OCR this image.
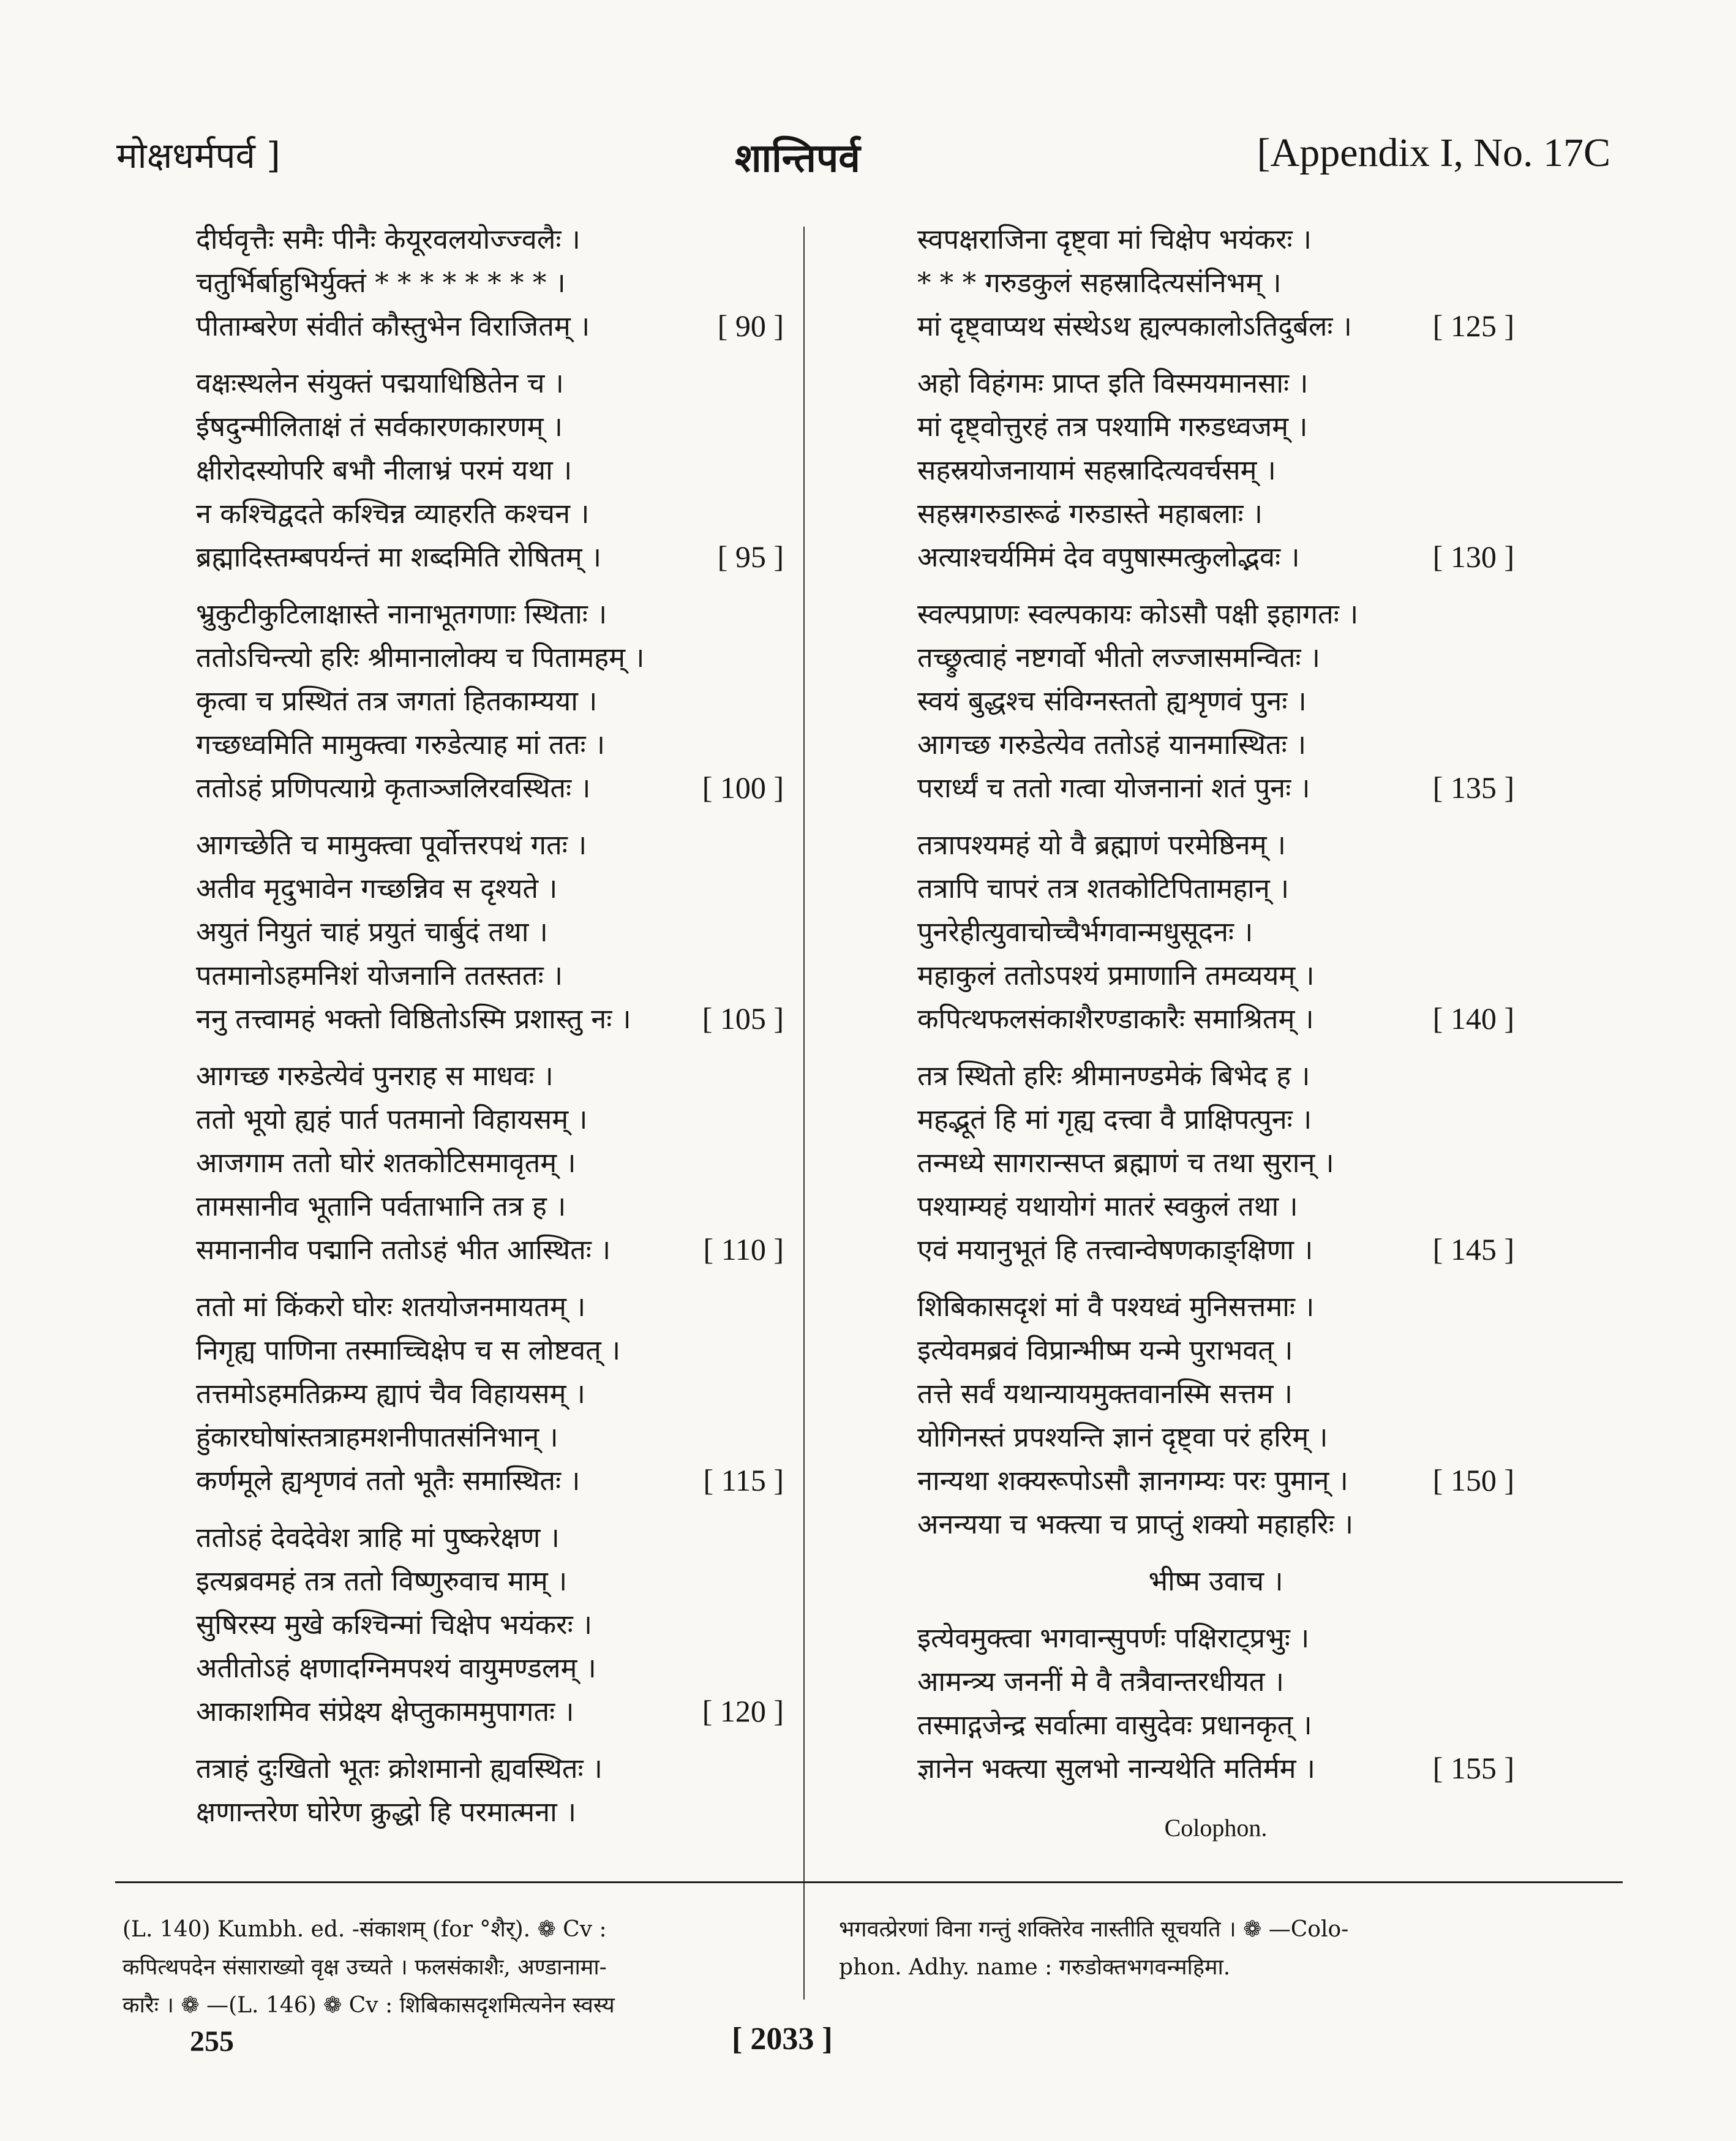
मोक्षधर्मपर्व ]	शान्तिपर्व	[Appendix I, No. 17C
दीर्घवृत्तैः समैः पीनैः केयूरवलयोज्ज्वलैः ।
चतुर्भिर्बाहुभिर्युक्तं * * * * * * * * ।
पीताम्बरेण संवीतं कौस्तुभेन विराजितम् ।	[ 90 ]
वक्षःस्थलेन संयुक्तं पद्मयाधिष्ठितेन च ।
ईषदुन्मीलिताक्षं तं सर्वकारणकारणम् ।
क्षीरोदस्योपरि बभौ नीलाभ्रं परमं यथा ।
न कश्चिद्वदते कश्चिन्न व्याहरति कश्चन ।
ब्रह्मादिस्तम्बपर्यन्तं मा शब्दमिति रोषितम् ।	[ 95 ]
भ्रुकुटीकुटिलाक्षास्ते नानाभूतगणाः स्थिताः ।
ततोऽचिन्त्यो हरिः श्रीमानालोक्य च पितामहम् ।
कृत्वा च प्रस्थितं तत्र जगतां हितकाम्यया ।
गच्छध्वमिति मामुक्त्वा गरुडेत्याह मां ततः ।
ततोऽहं प्रणिपत्याग्रे कृताञ्जलिरवस्थितः ।	[ 100 ]
आगच्छेति च मामुक्त्वा पूर्वोत्तरपथं गतः ।
अतीव मृदुभावेन गच्छन्निव स दृश्यते ।
अयुतं नियुतं चाहं प्रयुतं चार्बुदं तथा ।
पतमानोऽहमनिशं योजनानि ततस्ततः ।
ननु तत्त्वामहं भक्तो विष्ठितोऽस्मि प्रशास्तु नः । [ 105 ]
आगच्छ गरुडेत्येवं पुनराह स माधवः ।
ततो भूयो ह्यहं पार्त पतमानो विहायसम् ।
आजगाम ततो घोरं शतकोटिसमावृतम् ।
तामसानीव भूतानि पर्वताभानि तत्र ह ।
समानानीव पद्मानि ततोऽहं भीत आस्थितः ।	[ 110 ]
ततो मां किंकरो घोरः शतयोजनमायतम् ।
निगृह्य पाणिना तस्माच्चिक्षेप च स लोष्टवत् ।
तत्तमोऽहमतिक्रम्य ह्यापं चैव विहायसम् ।
हुंकारघोषांस्तत्राहमशनीपातसंनिभान् ।
कर्णमूले ह्यशृणवं ततो भूतैः समास्थितः ।	[ 115 ]
ततोऽहं देवदेवेश त्राहि मां पुष्करेक्षण ।
इत्यब्रवमहं तत्र ततो विष्णुरुवाच माम् ।
सुषिरस्य मुखे कश्चिन्मां चिक्षेप भयंकरः ।
अतीतोऽहं क्षणादग्निमपश्यं वायुमण्डलम् ।
आकाशमिव संप्रेक्ष्य क्षेप्तुकाममुपागतः ।	[ 120 ]
तत्राहं दुःखितो भूतः क्रोशमानो ह्यवस्थितः ।
क्षणान्तरेण घोरेण क्रुद्धो हि परमात्मना ।
स्वपक्षराजिना दृष्ट्वा मां चिक्षेप भयंकरः ।
* * * गरुडकुलं सहस्रादित्यसंनिभम् ।
मां दृष्ट्वाप्यथ संस्थेऽथ ह्यल्पकालोऽतिदुर्बलः ।	[ 125 ]
अहो विहंगमः प्राप्त इति विस्मयमानसाः ।
मां दृष्ट्वोत्तुरहं तत्र पश्यामि गरुडध्वजम् ।
सहस्रयोजनायामं सहस्रादित्यवर्चसम् ।
सहस्रगरुडारूढं गरुडास्ते महाबलाः ।
अत्याश्चर्यमिमं देव वपुषास्मत्कुलोद्भवः ।	[ 130 ]
स्वल्पप्राणः स्वल्पकायः कोऽसौ पक्षी इहागतः ।
तच्छ्रुत्वाहं नष्टगर्वो भीतो लज्जासमन्वितः ।
स्वयं बुद्धश्च संविग्नस्ततो ह्यशृणवं पुनः ।
आगच्छ गरुडेत्येव ततोऽहं यानमास्थितः ।
परार्ध्यं च ततो गत्वा योजनानां शतं पुनः ।	[ 135 ]
तत्रापश्यमहं यो वै ब्रह्माणं परमेष्ठिनम् ।
तत्रापि चापरं तत्र शतकोटिपितामहान् ।
पुनरेहीत्युवाचोच्चैर्भगवान्मधुसूदनः ।
महाकुलं ततोऽपश्यं प्रमाणानि तमव्ययम् ।
कपित्थफलसंकाशैरण्डाकारैः समाश्रितम् ।	[ 140 ]
तत्र स्थितो हरिः श्रीमानण्डमेकं बिभेद ह ।
महद्भूतं हि मां गृह्य दत्त्वा वै प्राक्षिपत्पुनः ।
तन्मध्ये सागरान्सप्त ब्रह्माणं च तथा सुरान् ।
पश्याम्यहं यथायोगं मातरं स्वकुलं तथा ।
एवं मयानुभूतं हि तत्त्वान्वेषणकाङ्क्षिणा ।	[ 145 ]
शिबिकासदृशं मां वै पश्यध्वं मुनिसत्तमाः ।
इत्येवमब्रवं विप्रान्भीष्म यन्मे पुराभवत् ।
तत्ते सर्वं यथान्यायमुक्तवानस्मि सत्तम ।
योगिनस्तं प्रपश्यन्ति ज्ञानं दृष्ट्वा परं हरिम् ।
नान्यथा शक्यरूपोऽसौ ज्ञानगम्यः परः पुमान् ।	[ 150 ]
अनन्यया च भक्त्या च प्राप्तुं शक्यो महाहरिः ।
भीष्म उवाच ।
इत्येवमुक्त्वा भगवान्सुपर्णः पक्षिराट्प्रभुः ।
आमन्त्र्य जननीं मे वै तत्रैवान्तरधीयत ।
तस्माद्गजेन्द्र सर्वात्मा वासुदेवः प्रधानकृत् ।
ज्ञानेन भक्त्या सुलभो नान्यथेति मतिर्मम ।	[ 155 ]
Colophon.
(L. 140) Kumbh. ed. -संकाशम् (for °शैर्). ❁ Cv :
कपित्थपदेन संसाराख्यो वृक्ष उच्यते । फलसंकाशैः, अण्डानामा-
कारैः । ❁ —(L. 146) ❁ Cv : शिबिकासदृशमित्यनेन स्वस्य
भगवत्प्रेरणां विना गन्तुं शक्तिरेव नास्तीति सूचयति । ❁ —Colo-
phon. Adhy. name : गरुडोक्तभगवन्महिमा.
255	[ 2033 ]
